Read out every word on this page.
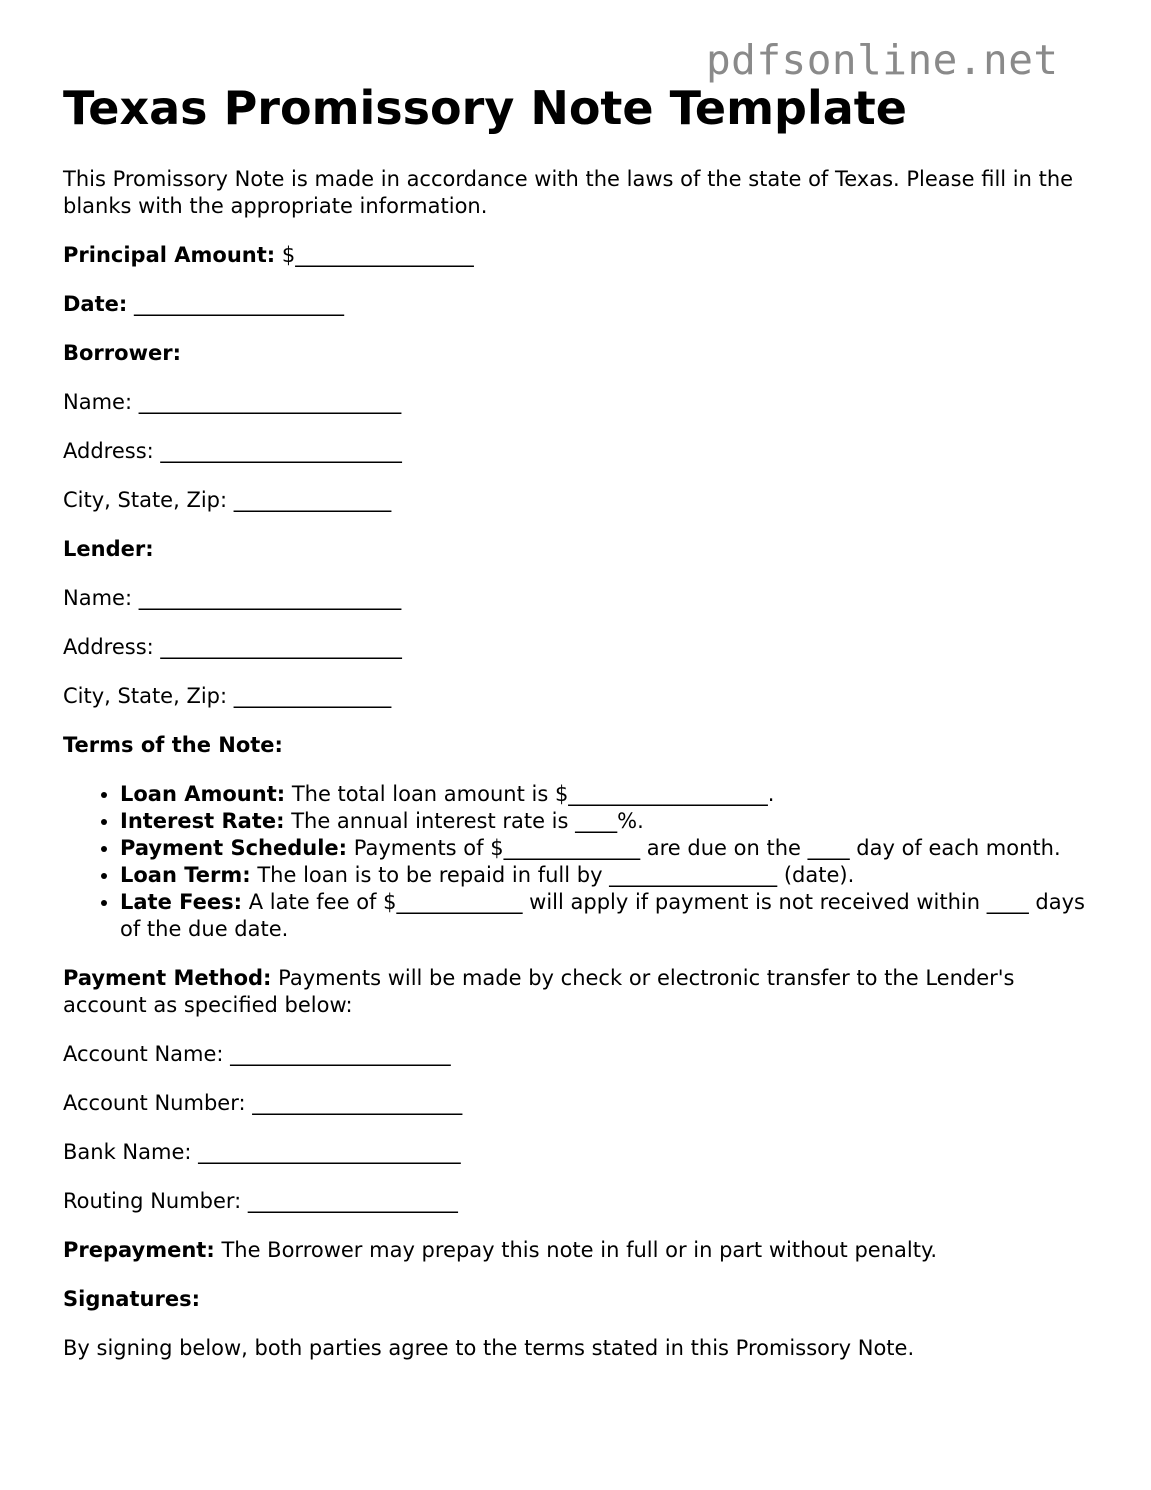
pdfsonline.net
Texas Promissory Note Template

This Promissory Note is made in accordance with the laws of the state of Texas. Please fill in the blanks with the appropriate information.

Principal Amount: $_________________

Date: ____________________

Borrower:

Name: _________________________

Address: _______________________

City, State, Zip: _______________

Lender:

Name: _________________________

Address: _______________________

City, State, Zip: _______________

Terms of the Note:

• Loan Amount: The total loan amount is $___________________.
• Interest Rate: The annual interest rate is ____%.
• Payment Schedule: Payments of $_____________ are due on the ____ day of each month.
• Loan Term: The loan is to be repaid in full by ________________ (date).
• Late Fees: A late fee of $____________ will apply if payment is not received within ____ days of the due date.

Payment Method: Payments will be made by check or electronic transfer to the Lender's account as specified below:

Account Name: _____________________

Account Number: ____________________

Bank Name: _________________________

Routing Number: ____________________

Prepayment: The Borrower may prepay this note in full or in part without penalty.

Signatures:

By signing below, both parties agree to the terms stated in this Promissory Note.
